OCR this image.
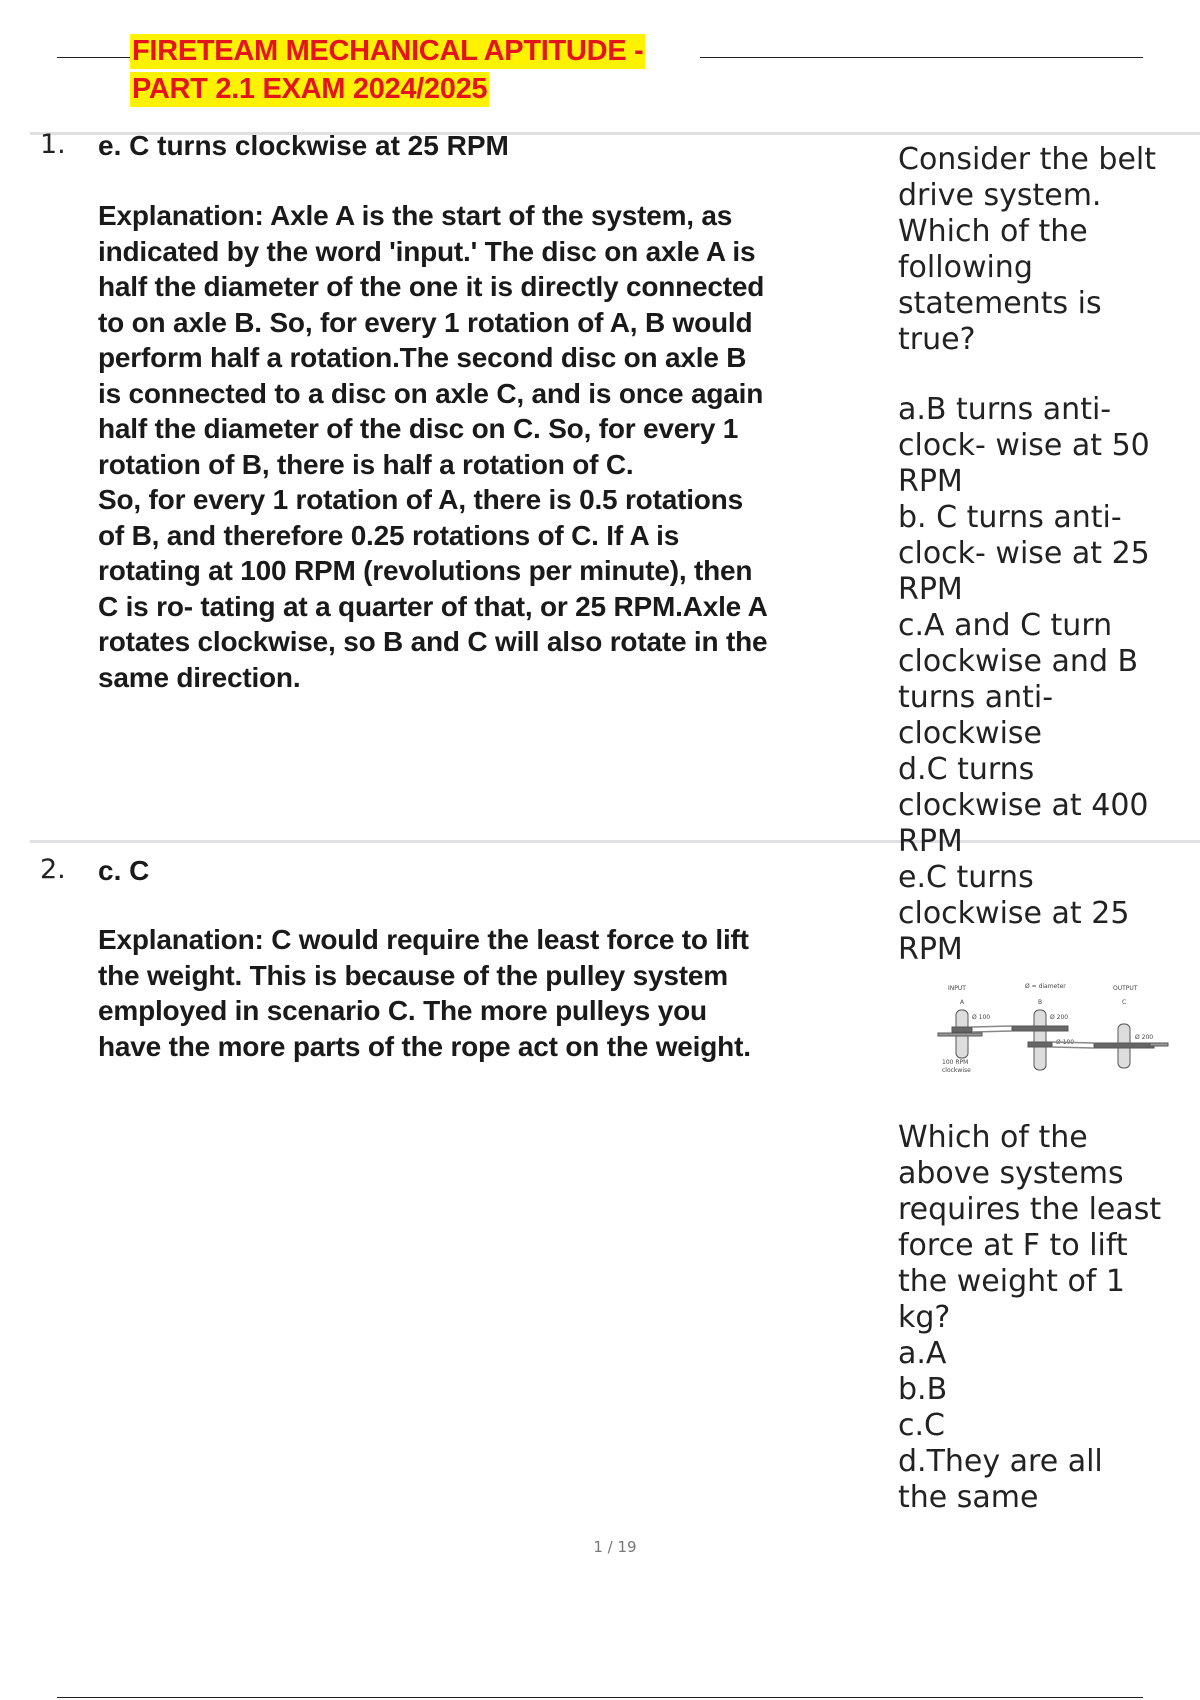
FIRETEAM MECHANICAL APTITUDE -
PART 2.1 EXAM 2024/2025
1. e. C turns clockwise at 25 RPM
Explanation: Axle A is the start of the system, as
indicated by the word 'input.' The disc on axle A is
half the diameter of the one it is directly connected
to on axle B. So, for every 1 rotation of A, B would
perform half a rotation.The second disc on axle B
is connected to a disc on axle C, and is once again
half the diameter of the disc on C. So, for every 1
rotation of B, there is half a rotation of C.
So, for every 1 rotation of A, there is 0.5 rotations
of B, and therefore 0.25 rotations of C. If A is
rotating at 100 RPM (revolutions per minute), then
C is ro- tating at a quarter of that, or 25 RPM.Axle A
rotates clockwise, so B and C will also rotate in the
same direction.
2. c. C
Explanation: C would require the least force to lift
the weight. This is because of the pulley system
employed in scenario C. The more pulleys you
have the more parts of the rope act on the weight.

Consider the belt
drive system.
Which of the
following
statements is
true?

a.B turns anti-
clock- wise at 50
RPM

b. C turns anti-
clock- wise at 25
RPM

c.A and C turn
clockwise and B
turns anti-
clockwise

d.C turns
clockwise at 400
RPM

e.C turns
clockwise at 25
RPM

INPUT	Ø = diameter	OUTPUT
A	B	C
Ø 100	Ø 200
Ø 100
Ø 200
100 RPM
clockwise

Which of the
above systems
requires the least
force at F to lift
the weight of 1
kg?

a.A

b.B

c.C

d.They are all
the same

1 / 19
